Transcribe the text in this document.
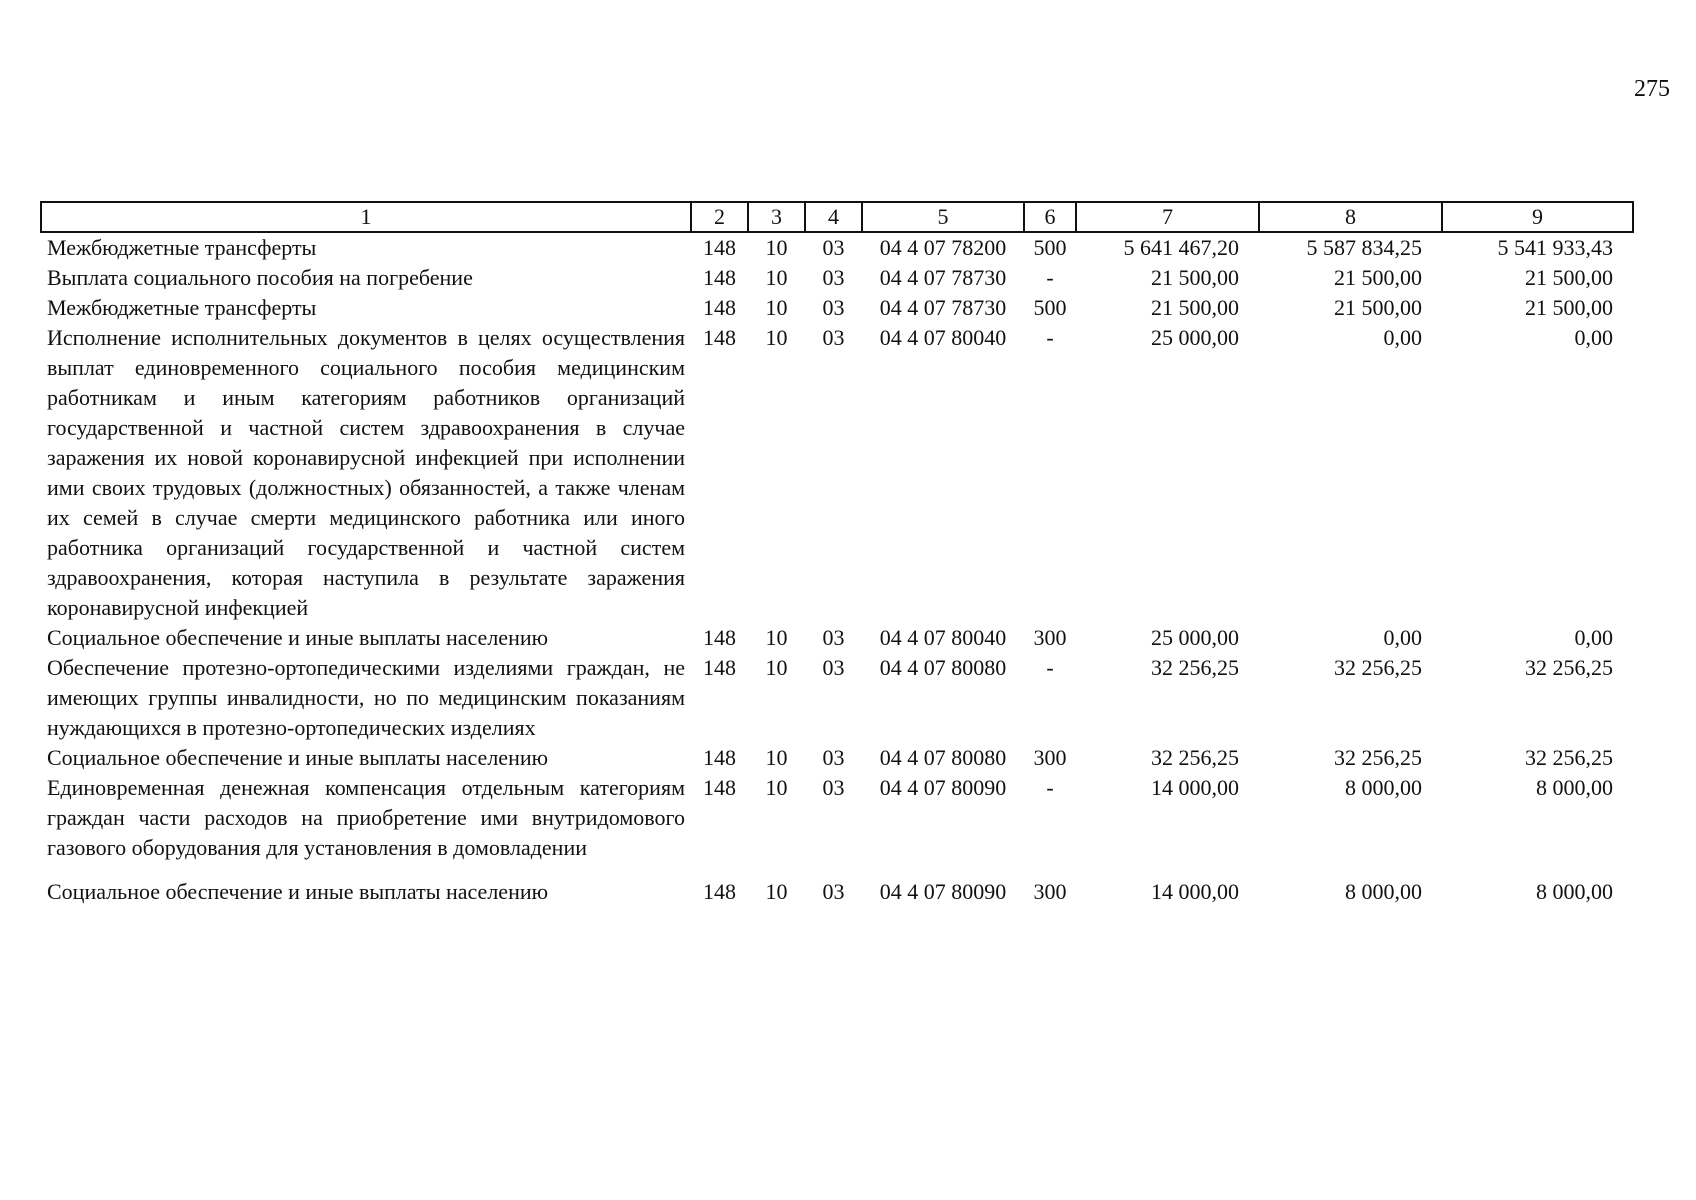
275
1	2	3	4	5	6	7	8	9
Межбюджетные трансферты	148	10	03	04 4 07 78200	500	5 641 467,20	5 587 834,25	5 541 933,43
Выплата социального пособия на погребение	148	10	03	04 4 07 78730	-	21 500,00	21 500,00	21 500,00
Межбюджетные трансферты	148	10	03	04 4 07 78730	500	21 500,00	21 500,00	21 500,00
Исполнение исполнительных документов в целях осуществления выплат единовременного социального пособия медицинским работникам и иным категориям работников организаций государственной и частной систем здравоохранения в случае заражения их новой коронавирусной инфекцией при исполнении ими своих трудовых (должностных) обязанностей, а также членам их семей в случае смерти медицинского работника или иного работника организаций государственной и частной систем здравоохранения, которая наступила в результате заражения коронавирусной инфекцией	148	10	03	04 4 07 80040	-	25 000,00	0,00	0,00
Социальное обеспечение и иные выплаты населению	148	10	03	04 4 07 80040	300	25 000,00	0,00	0,00
Обеспечение протезно-ортопедическими изделиями граждан, не имеющих группы инвалидности, но по медицинским показаниям нуждающихся в протезно-ортопедических изделиях	148	10	03	04 4 07 80080	-	32 256,25	32 256,25	32 256,25
Социальное обеспечение и иные выплаты населению	148	10	03	04 4 07 80080	300	32 256,25	32 256,25	32 256,25
Единовременная денежная компенсация отдельным категориям граждан части расходов на приобретение ими внутридомового газового оборудования для установления в домовладении	148	10	03	04 4 07 80090	-	14 000,00	8 000,00	8 000,00
Социальное обеспечение и иные выплаты населению	148	10	03	04 4 07 80090	300	14 000,00	8 000,00	8 000,00
